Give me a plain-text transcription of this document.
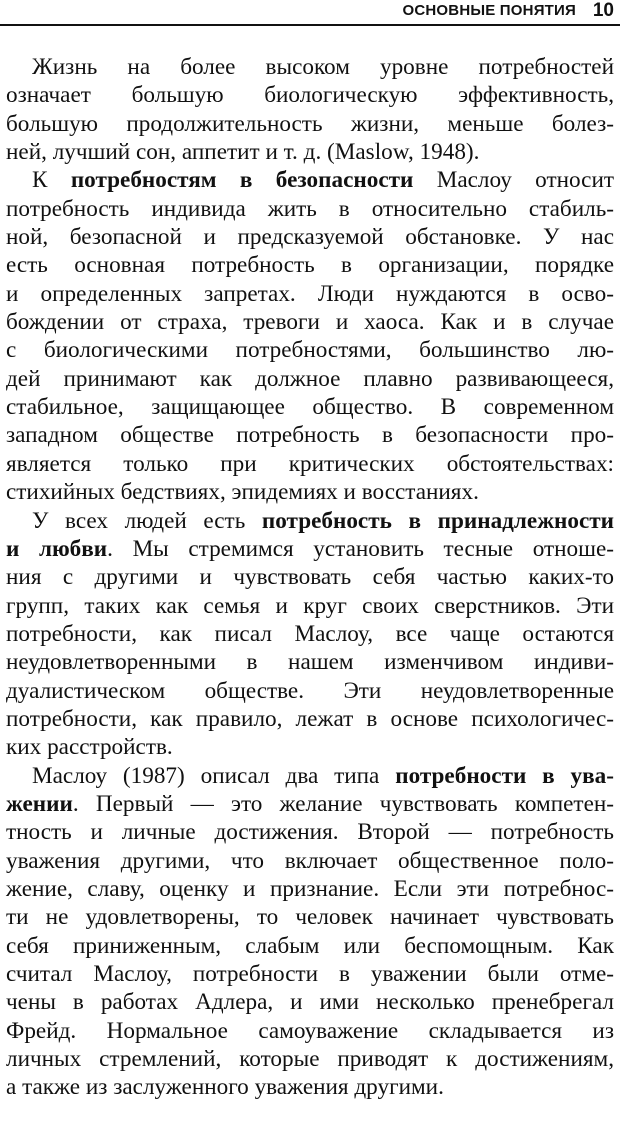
ОСНОВНЫЕ ПОНЯТИЯ 10
Жизнь на более высоком уровне потребностей
означает большую биологическую эффективность,
большую продолжительность жизни, меньше болез-
ней, лучший сон, аппетит и т. д. (Maslow, 1948).
К потребностям в безопасности Маслоу относит
потребность индивида жить в относительно стабиль-
ной, безопасной и предсказуемой обстановке. У нас
есть основная потребность в организации, порядке
и определенных запретах. Люди нуждаются в осво-
бождении от страха, тревоги и хаоса. Как и в случае
с биологическими потребностями, большинство лю-
дей принимают как должное плавно развивающееся,
стабильное, защищающее общество. В современном
западном обществе потребность в безопасности про-
является только при критических обстоятельствах:
стихийных бедствиях, эпидемиях и восстаниях.
У всех людей есть потребность в принадлежности
и любви. Мы стремимся установить тесные отноше-
ния с другими и чувствовать себя частью каких-то
групп, таких как семья и круг своих сверстников. Эти
потребности, как писал Маслоу, все чаще остаются
неудовлетворенными в нашем изменчивом индиви-
дуалистическом обществе. Эти неудовлетворенные
потребности, как правило, лежат в основе психологичес-
ких расстройств.
Маслоу (1987) описал два типа потребности в ува-
жении. Первый — это желание чувствовать компетен-
тность и личные достижения. Второй — потребность
уважения другими, что включает общественное поло-
жение, славу, оценку и признание. Если эти потребнос-
ти не удовлетворены, то человек начинает чувствовать
себя приниженным, слабым или беспомощным. Как
считал Маслоу, потребности в уважении были отме-
чены в работах Адлера, и ими несколько пренебрегал
Фрейд. Нормальное самоуважение складывается из
личных стремлений, которые приводят к достижениям,
а также из заслуженного уважения другими.
